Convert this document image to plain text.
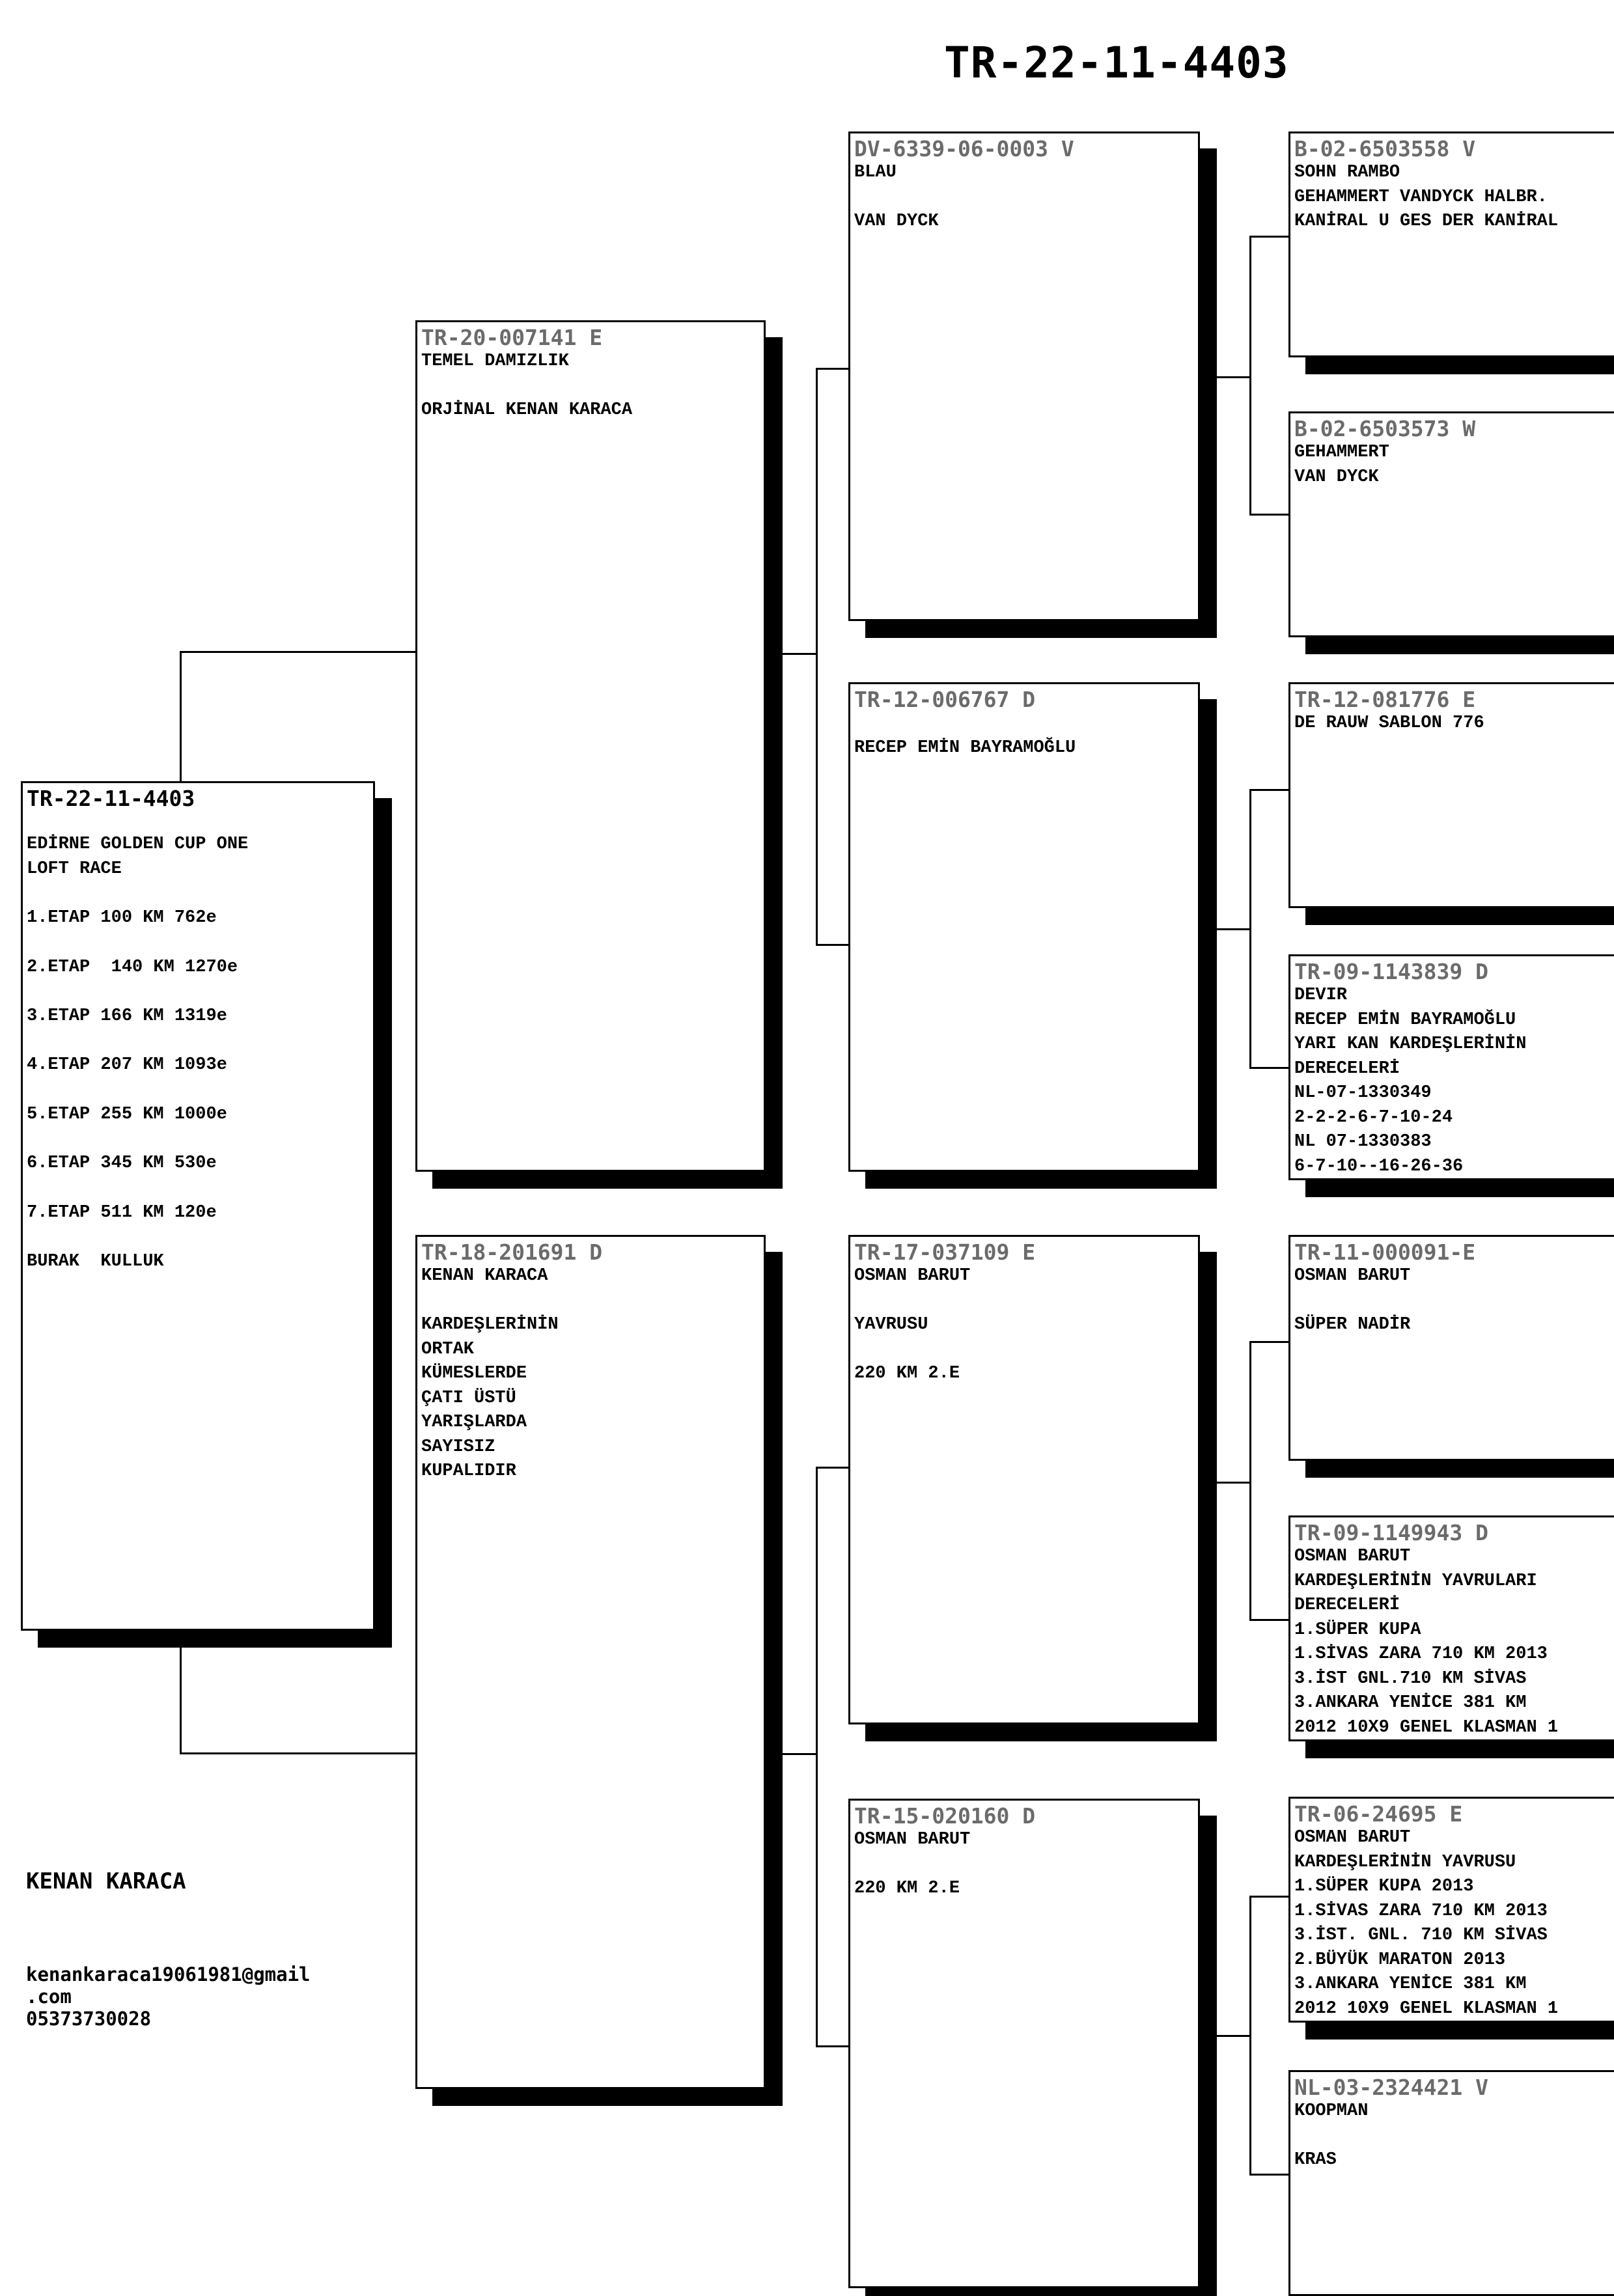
TR-22-11-4403
TR-22-11-4403

EDİRNE GOLDEN CUP ONE
LOFT RACE

1.ETAP 100 KM 762e

2.ETAP  140 KM 1270e

3.ETAP 166 KM 1319e

4.ETAP 207 KM 1093e

5.ETAP 255 KM 1000e

6.ETAP 345 KM 530e

7.ETAP 511 KM 120e

BURAK  KULLUK

TR-20-007141 E

TEMEL DAMIZLIK

ORJİNAL KENAN KARACA

TR-18-201691 D

KENAN KARACA

KARDEŞLERİNİN
ORTAK
KÜMESLERDE
ÇATI ÜSTÜ
YARIŞLARDA
SAYISIZ
KUPALIDIR

DV-6339-06-0003 V

BLAU

VAN DYCK

TR-12-006767 D

RECEP EMİN BAYRAMOĞLU

TR-17-037109 E

OSMAN BARUT

YAVRUSU

220 KM 2.E

TR-15-020160 D

OSMAN BARUT

220 KM 2.E

B-02-6503558 V

SOHN RAMBO
GEHAMMERT VANDYCK HALBR.
KANİRAL U GES DER KANİRAL

B-02-6503573 W

GEHAMMERT
VAN DYCK

TR-12-081776 E

DE RAUW SABLON 776

TR-09-1143839 D

DEVIR
RECEP EMİN BAYRAMOĞLU
YARI KAN KARDEŞLERİNİN
DERECELERİ
NL-07-1330349
2-2-2-6-7-10-24
NL 07-1330383
6-7-10--16-26-36

TR-11-000091-E

OSMAN BARUT

SÜPER NADİR

TR-09-1149943 D

OSMAN BARUT
KARDEŞLERİNİN YAVRULARI
DERECELERİ
1.SÜPER KUPA
1.SİVAS ZARA 710 KM 2013
3.İST GNL.710 KM SİVAS
3.ANKARA YENİCE 381 KM
2012 10X9 GENEL KLASMAN 1

TR-06-24695 E

OSMAN BARUT
KARDEŞLERİNİN YAVRUSU
1.SÜPER KUPA 2013
1.SİVAS ZARA 710 KM 2013
3.İST. GNL. 710 KM SİVAS
2.BÜYÜK MARATON 2013
3.ANKARA YENİCE 381 KM
2012 10X9 GENEL KLASMAN 1

NL-03-2324421 V

KOOPMAN

KRAS

KENAN KARACA
kenankaraca19061981@gmail
.com
05373730028
